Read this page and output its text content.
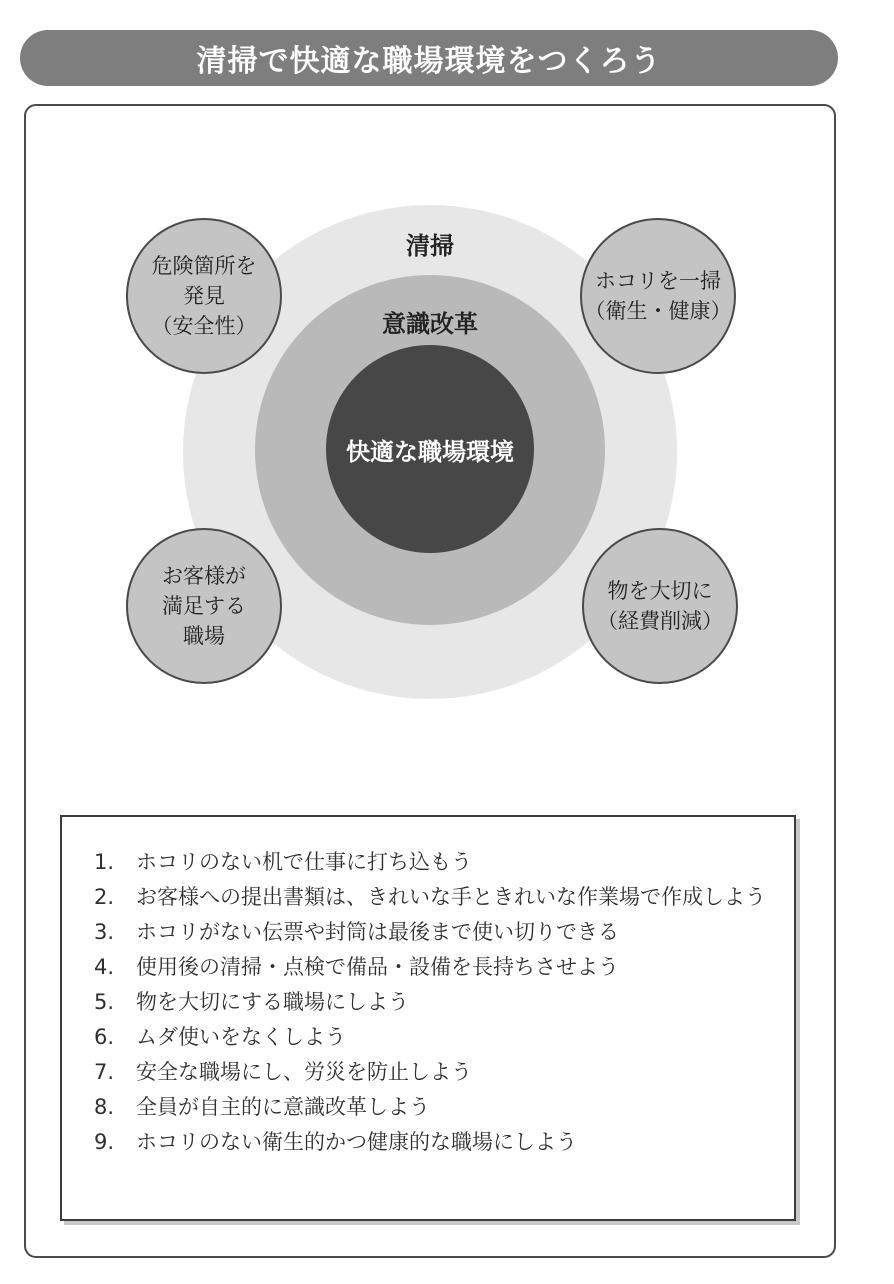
清掃で快適な職場環境をつくろう
清掃
意識改革
快適な職場環境
危険箇所を
発見
（安全性）
ホコリを一掃
（衛生・健康）
お客様が
満足する
職場
物を大切に
（経費削減）
1.	ホコリのない机で仕事に打ち込もう
2.	お客様への提出書類は、きれいな手ときれいな作業場で作成しよう
3.	ホコリがない伝票や封筒は最後まで使い切りできる
4.	使用後の清掃・点検で備品・設備を長持ちさせよう
5.	物を大切にする職場にしよう
6.	ムダ使いをなくしよう
7.	安全な職場にし、労災を防止しよう
8.	全員が自主的に意識改革しよう
9.	ホコリのない衛生的かつ健康的な職場にしよう
